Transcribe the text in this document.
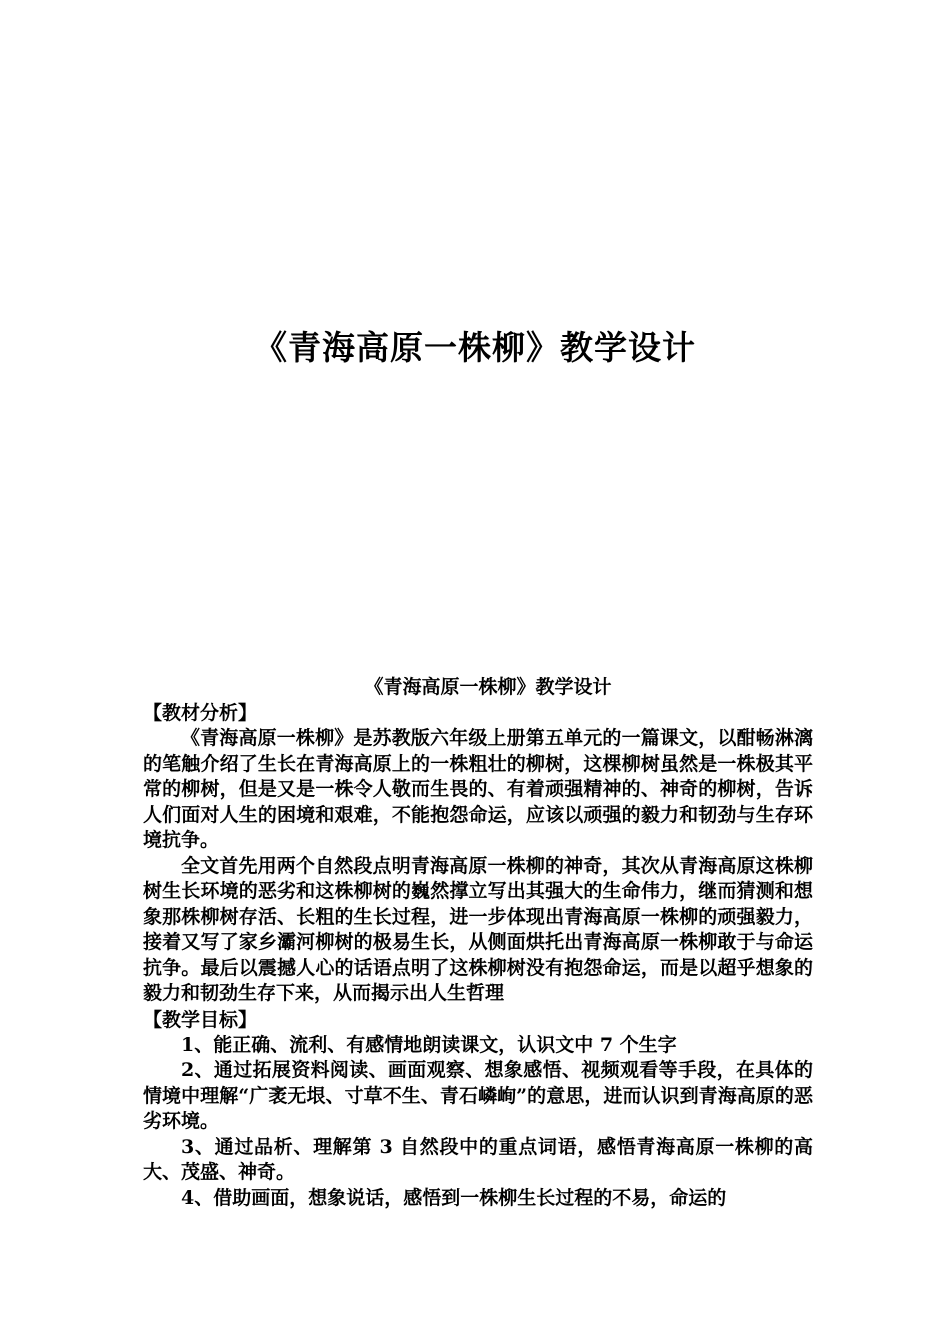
《青海高原一株柳》教学设计
《青海高原一株柳》教学设计
【教材分析】

《青海高原一株柳》是苏教版六年级上册第五单元的一篇课文，以酣畅淋漓的笔触介绍了生长在青海高原上的一株粗壮的柳树，这棵柳树虽然是一株极其平常的柳树，但是又是一株令人敬而生畏的、有着顽强精神的、神奇的柳树，告诉人们面对人生的困境和艰难，不能抱怨命运，应该以顽强的毅力和韧劲与生存环境抗争。

全文首先用两个自然段点明青海高原一株柳的神奇，其次从青海高原这株柳树生长环境的恶劣和这株柳树的巍然撑立写出其强大的生命伟力，继而猜测和想象那株柳树存活、长粗的生长过程，进一步体现出青海高原一株柳的顽强毅力，接着又写了家乡灞河柳树的极易生长，从侧面烘托出青海高原一株柳敢于与命运抗争。最后以震撼人心的话语点明了这株柳树没有抱怨命运，而是以超乎想象的毅力和韧劲生存下来，从而揭示出人生哲理

【教学目标】

1、能正确、流利、有感情地朗读课文，认识文中 7 个生字

2、通过拓展资料阅读、画面观察、想象感悟、视频观看等手段，在具体的情境中理解“广袤无垠、寸草不生、青石嶙峋”的意思，进而认识到青海高原的恶劣环境。

3、通过品析、理解第 3 自然段中的重点词语，感悟青海高原一株柳的高大、茂盛、神奇。

4、借助画面，想象说话，感悟到一株柳生长过程的不易，命运的
